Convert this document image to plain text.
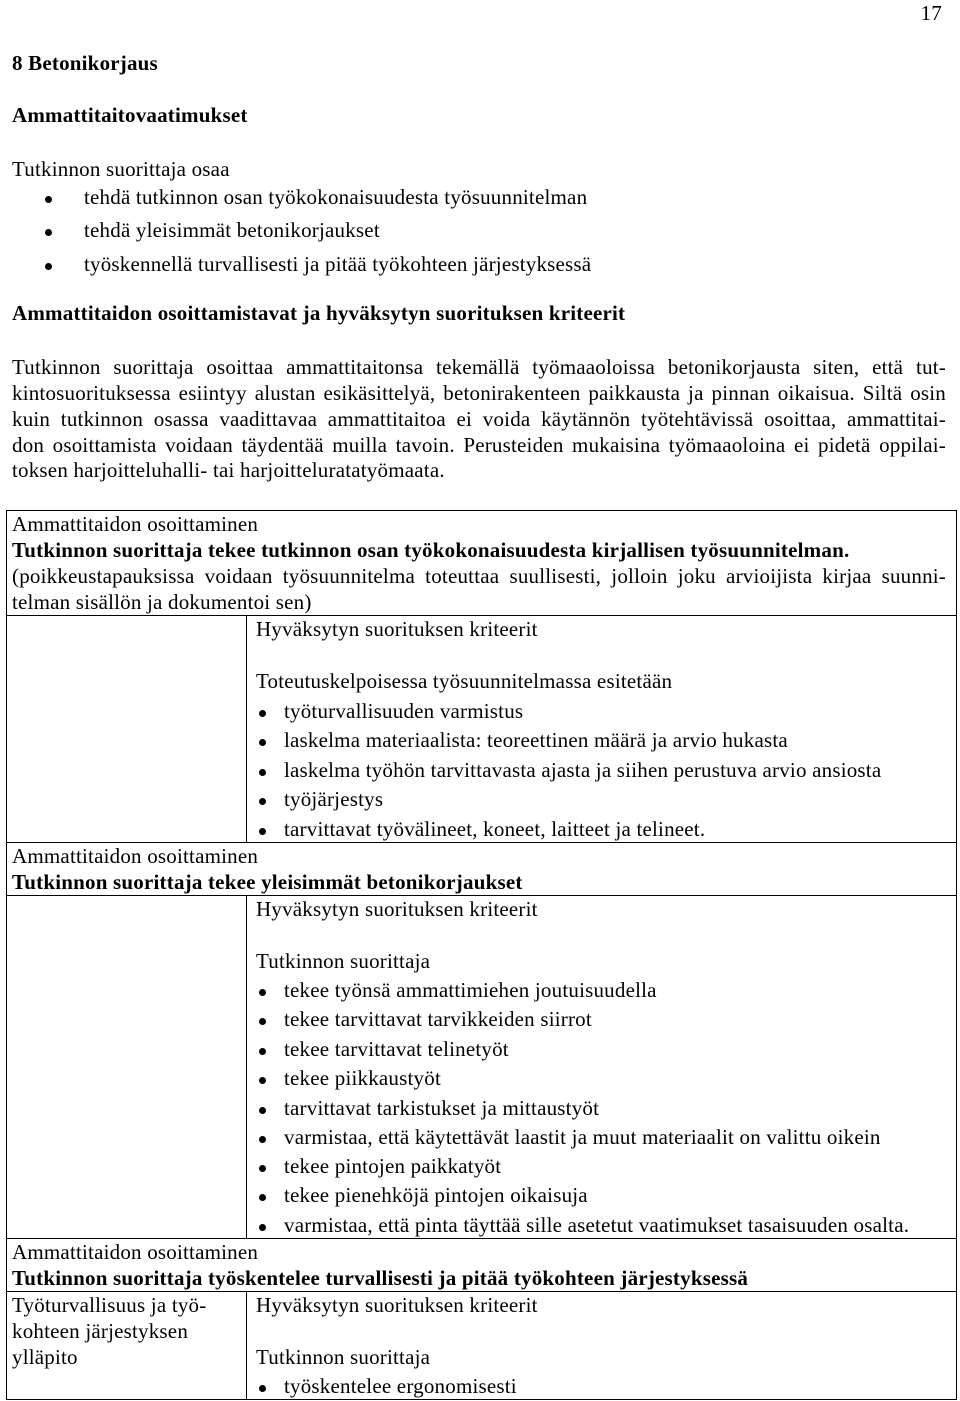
17
8 Betonikorjaus
Ammattitaitovaatimukset
Tutkinnon suorittaja osaa
tehdä tutkinnon osan työkokonaisuudesta työsuunnitelman
tehdä yleisimmät betonikorjaukset
työskennellä turvallisesti ja pitää työkohteen järjestyksessä
Ammattitaidon osoittamistavat ja hyväksytyn suorituksen kriteerit
Tutkinnon suorittaja osoittaa ammattitaitonsa tekemällä työmaaoloissa betonikorjausta siten, että tut-
kintosuorituksessa esiintyy alustan esikäsittelyä, betonirakenteen paikkausta ja pinnan oikaisua. Siltä osin
kuin tutkinnon osassa vaadittavaa ammattitaitoa ei voida käytännön työtehtävissä osoittaa, ammattitai-
don osoittamista voidaan täydentää muilla tavoin. Perusteiden mukaisina työmaaoloina ei pidetä oppilai-
toksen harjoitteluhalli- tai harjoitteluratatyömaata.
Ammattitaidon osoittaminen
Tutkinnon suorittaja tekee tutkinnon osan työkokonaisuudesta kirjallisen työsuunnitelman.
(poikkeustapauksissa voidaan työsuunnitelma toteuttaa suullisesti, jolloin joku arvioijista kirjaa suunni-
telman sisällön ja dokumentoi sen)
Hyväksytyn suorituksen kriteerit
Toteutuskelpoisessa työsuunnitelmassa esitetään
työturvallisuuden varmistus
laskelma materiaalista: teoreettinen määrä ja arvio hukasta
laskelma työhön tarvittavasta ajasta ja siihen perustuva arvio ansiosta
työjärjestys
tarvittavat työvälineet, koneet, laitteet ja telineet.
Ammattitaidon osoittaminen
Tutkinnon suorittaja tekee yleisimmät betonikorjaukset
Hyväksytyn suorituksen kriteerit
Tutkinnon suorittaja
tekee työnsä ammattimiehen joutuisuudella
tekee tarvittavat tarvikkeiden siirrot
tekee tarvittavat telinetyöt
tekee piikkaustyöt
tarvittavat tarkistukset ja mittaustyöt
varmistaa, että käytettävät laastit ja muut materiaalit on valittu oikein
tekee pintojen paikkatyöt
tekee pienehköjä pintojen oikaisuja
varmistaa, että pinta täyttää sille asetetut vaatimukset tasaisuuden osalta.
Ammattitaidon osoittaminen
Tutkinnon suorittaja työskentelee turvallisesti ja pitää työkohteen järjestyksessä
Työturvallisuus ja työ-
kohteen järjestyksen
ylläpito
Hyväksytyn suorituksen kriteerit
Tutkinnon suorittaja
työskentelee ergonomisesti
